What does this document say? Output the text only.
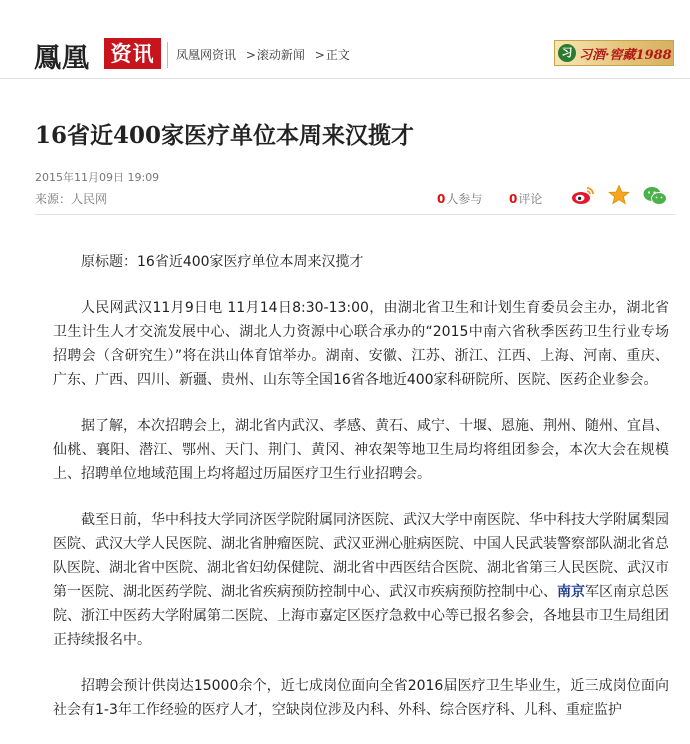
鳳凰 资讯	凤凰网资讯 >滚动新闻 >正文	习 习酒·窖藏1988
16省近400家医疗单位本周来汉揽才
2015年11月09日 19:09
来源：人民网	0人参与 0评论

原标题：16省近400家医疗单位本周来汉揽才

人民网武汉11月9日电 11月14日8:30-13:00，由湖北省卫生和计划生育委员会主办，湖北省卫生计生人才交流发展中心、湖北人力资源中心联合承办的“2015中南六省秋季医药卫生行业专场招聘会（含研究生）”将在洪山体育馆举办。湖南、安徽、江苏、浙江、江西、上海、河南、重庆、广东、广西、四川、新疆、贵州、山东等全国16省各地近400家科研院所、医院、医药企业参会。

据了解，本次招聘会上，湖北省内武汉、孝感、黄石、咸宁、十堰、恩施、荆州、随州、宜昌、仙桃、襄阳、潜江、鄂州、天门、荆门、黄冈、神农架等地卫生局均将组团参会，本次大会在规模上、招聘单位地域范围上均将超过历届医疗卫生行业招聘会。

截至日前，华中科技大学同济医学院附属同济医院、武汉大学中南医院、华中科技大学附属梨园医院、武汉大学人民医院、湖北省肿瘤医院、武汉亚洲心脏病医院、中国人民武装警察部队湖北省总队医院、湖北省中医院、湖北省妇幼保健院、湖北省中西医结合医院、湖北省第三人民医院、武汉市第一医院、湖北医药学院、湖北省疾病预防控制中心、武汉市疾病预防控制中心、南京军区南京总医院、浙江中医药大学附属第二医院、上海市嘉定区医疗急救中心等已报名参会，各地县市卫生局组团正持续报名中。

招聘会预计供岗达15000余个，近七成岗位面向全省2016届医疗卫生毕业生，近三成岗位面向社会有1-3年工作经验的医疗人才，空缺岗位涉及内科、外科、综合医疗科、儿科、重症监护
